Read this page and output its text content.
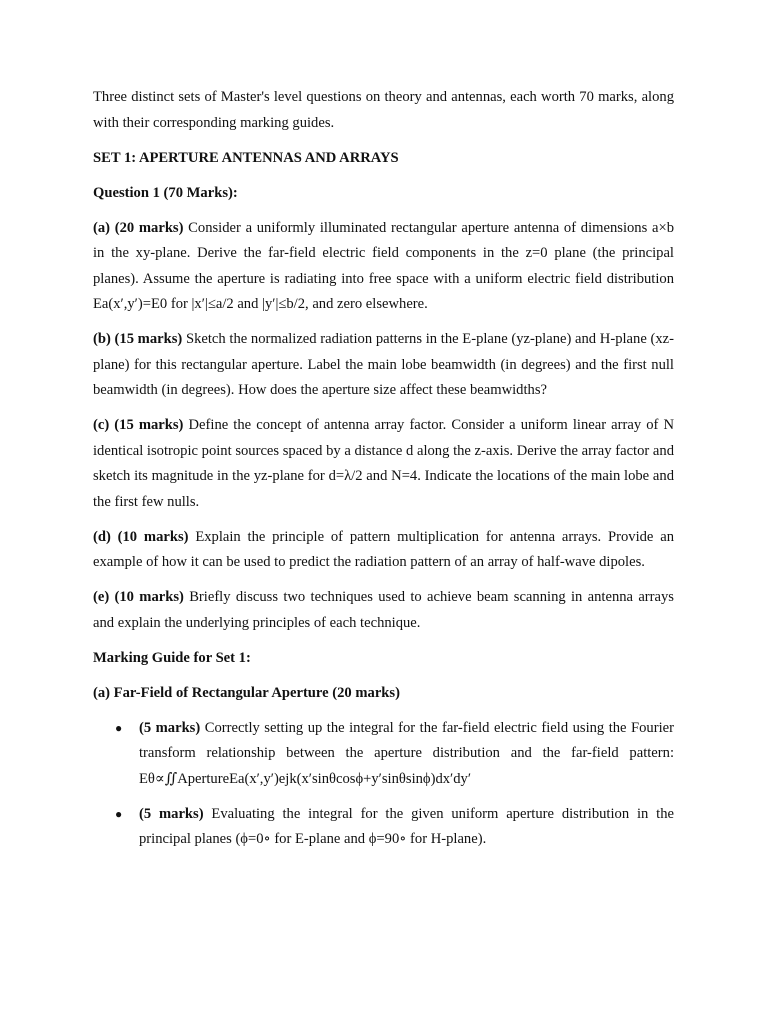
Three distinct sets of Master's level questions on theory and antennas, each worth 70 marks, along with their corresponding marking guides.

SET 1: APERTURE ANTENNAS AND ARRAYS

Question 1 (70 Marks):

(a) (20 marks) Consider a uniformly illuminated rectangular aperture antenna of dimensions a×b in the xy-plane. Derive the far-field electric field components in the z=0 plane (the principal planes). Assume the aperture is radiating into free space with a uniform electric field distribution Ea(x′,y′)=E0 for |x′|≤a/2 and |y′|≤b/2, and zero elsewhere.

(b) (15 marks) Sketch the normalized radiation patterns in the E-plane (yz-plane) and H-plane (xz-plane) for this rectangular aperture. Label the main lobe beamwidth (in degrees) and the first null beamwidth (in degrees). How does the aperture size affect these beamwidths?

(c) (15 marks) Define the concept of antenna array factor. Consider a uniform linear array of N identical isotropic point sources spaced by a distance d along the z-axis. Derive the array factor and sketch its magnitude in the yz-plane for d=λ/2 and N=4. Indicate the locations of the main lobe and the first few nulls.

(d) (10 marks) Explain the principle of pattern multiplication for antenna arrays. Provide an example of how it can be used to predict the radiation pattern of an array of half-wave dipoles.

(e) (10 marks) Briefly discuss two techniques used to achieve beam scanning in antenna arrays and explain the underlying principles of each technique.

Marking Guide for Set 1:

(a) Far-Field of Rectangular Aperture (20 marks)

● (5 marks) Correctly setting up the integral for the far-field electric field using the Fourier transform relationship between the aperture distribution and the far-field pattern: Eθ∝∬ApertureEa(x′,y′)ejk(x′sinθcosϕ+y′sinθsinϕ)dx′dy′
● (5 marks) Evaluating the integral for the given uniform aperture distribution in the principal planes (ϕ=0∘ for E-plane and ϕ=90∘ for H-plane).
